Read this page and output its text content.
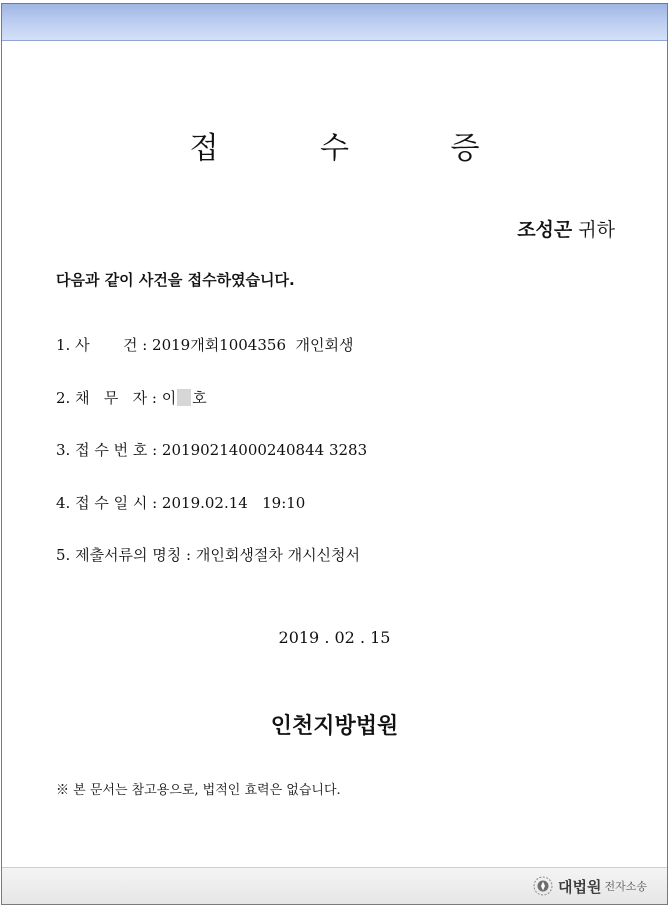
접 수 증
조성곤 귀하
다음과 같이 사건을 접수하였습니다.
1. 사       건 : 2019개회1004356  개인회생
2. 채   무   자 : 이 호
3. 접 수 번 호 : 20190214000240844 3283
4. 접 수 일 시 : 2019.02.14   19:10
5. 제출서류의 명칭 : 개인회생절차 개시신청서
2019 . 02 . 15
인천지방법원
※ 본 문서는 참고용으로, 법적인 효력은 없습니다.
대법원 전자소송
